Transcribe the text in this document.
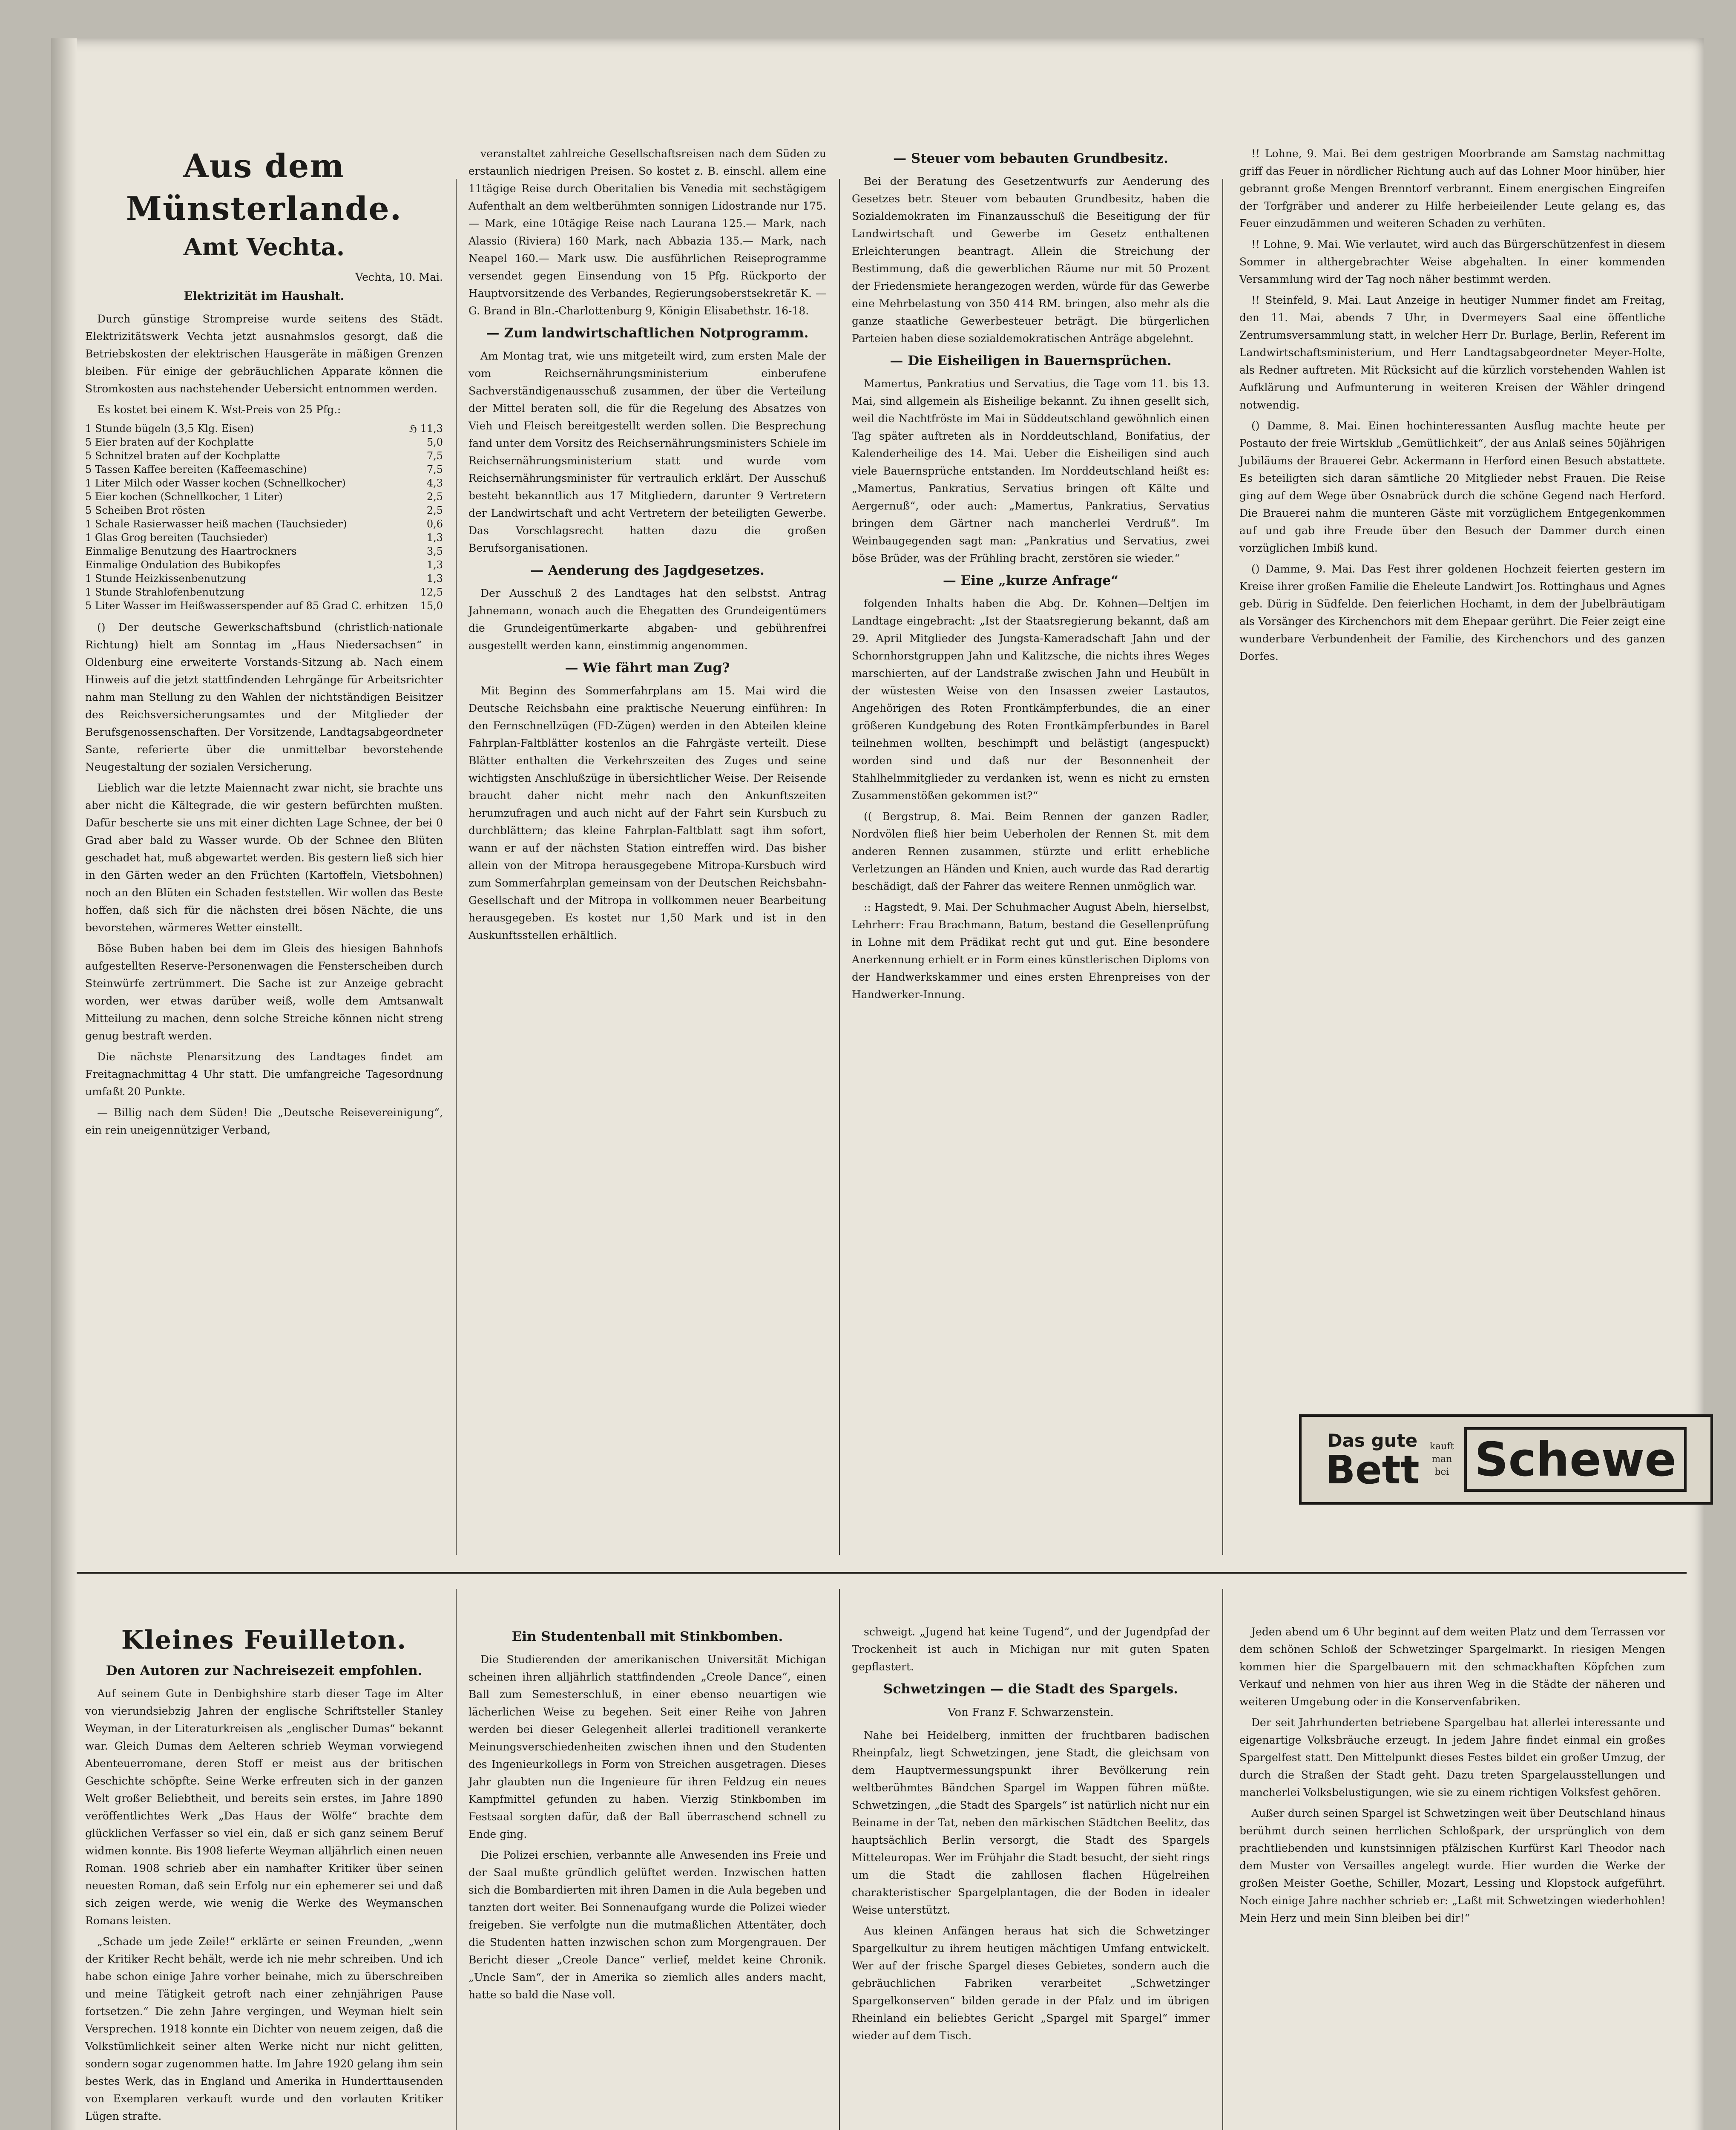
Aus dem Münsterlande.
Amt Vechta.
Vechta, 10. Mai.
Elektrizität im Haushalt.

Durch günstige Strompreise wurde seitens des Städt. Elektrizitätswerk Vechta jetzt ausnahmslos gesorgt, daß die Betriebskosten der elektrischen Hausgeräte in mäßigen Grenzen bleiben. Für einige der gebräuchlichen Apparate können die Stromkosten aus nachstehender Uebersicht entnommen werden.

Es kostet bei einem K. Wst-Preis von 25 Pfg.:

1 Stunde bügeln (3,5 Klg. Eisen)	ℌ 11,3
5 Eier braten auf der Kochplatte	5,0
5 Schnitzel braten auf der Kochplatte	7,5
5 Tassen Kaffee bereiten (Kaffeemaschine)	7,5
1 Liter Milch oder Wasser kochen (Schnellkocher)	4,3
5 Eier kochen (Schnellkocher, 1 Liter)	2,5
5 Scheiben Brot rösten	2,5
1 Schale Rasierwasser heiß machen (Tauchsieder)	0,6
1 Glas Grog bereiten (Tauchsieder)	1,3
Einmalige Benutzung des Haartrockners	3,5
Einmalige Ondulation des Bubikopfes	1,3
1 Stunde Heizkissenbenutzung	1,3
1 Stunde Strahlofenbenutzung	12,5
5 Liter Wasser im Heißwasserspender auf 85 Grad C. erhitzen	15,0

() Der deutsche Gewerkschaftsbund (christlich-nationale Richtung) hielt am Sonntag im „Haus Niedersachsen“ in Oldenburg eine erweiterte Vorstands-Sitzung ab. Nach einem Hinweis auf die jetzt stattfindenden Lehrgänge für Arbeitsrichter nahm man Stellung zu den Wahlen der nichtständigen Beisitzer des Reichsversicherungsamtes und der Mitglieder der Berufsgenossenschaften. Der Vorsitzende, Landtagsabgeordneter Sante, referierte über die unmittelbar bevorstehende Neugestaltung der sozialen Versicherung.

Lieblich war die letzte Maiennacht zwar nicht, sie brachte uns aber nicht die Kältegrade, die wir gestern befürchten mußten. Dafür bescherte sie uns mit einer dichten Lage Schnee, der bei 0 Grad aber bald zu Wasser wurde. Ob der Schnee den Blüten geschadet hat, muß abgewartet werden. Bis gestern ließ sich hier in den Gärten weder an den Früchten (Kartoffeln, Vietsbohnen) noch an den Blüten ein Schaden feststellen. Wir wollen das Beste hoffen, daß sich für die nächsten drei bösen Nächte, die uns bevorstehen, wärmeres Wetter einstellt.

Böse Buben haben bei dem im Gleis des hiesigen Bahnhofs aufgestellten Reserve-Personenwagen die Fensterscheiben durch Steinwürfe zertrümmert. Die Sache ist zur Anzeige gebracht worden, wer etwas darüber weiß, wolle dem Amtsanwalt Mitteilung zu machen, denn solche Streiche können nicht streng genug bestraft werden.

Die nächste Plenarsitzung des Landtages findet am Freitagnachmittag 4 Uhr statt. Die umfangreiche Tagesordnung umfaßt 20 Punkte.

— Billig nach dem Süden! Die „Deutsche Reisevereinigung“, ein rein uneigennütziger Verband,

veranstaltet zahlreiche Gesellschaftsreisen nach dem Süden zu erstaunlich niedrigen Preisen. So kostet z. B. einschl. allem eine 11tägige Reise durch Oberitalien bis Venedia mit sechstägigem Aufenthalt an dem weltberühmten sonnigen Lidostrande nur 175.— Mark, eine 10tägige Reise nach Laurana 125.— Mark, nach Alassio (Riviera) 160 Mark, nach Abbazia 135.— Mark, nach Neapel 160.— Mark usw. Die ausführlichen Reiseprogramme versendet gegen Einsendung von 15 Pfg. Rückporto der Hauptvorsitzende des Verbandes, Regierungsoberstsekretär K. — G. Brand in Bln.-Charlottenburg 9, Königin Elisabethstr. 16-18.

— Zum landwirtschaftlichen Notprogramm.

Am Montag trat, wie uns mitgeteilt wird, zum ersten Male der vom Reichsernährungsministerium einberufene Sachverständigenausschuß zusammen, der über die Verteilung der Mittel beraten soll, die für die Regelung des Absatzes von Vieh und Fleisch bereitgestellt werden sollen. Die Besprechung fand unter dem Vorsitz des Reichsernährungsministers Schiele im Reichsernährungsministerium statt und wurde vom Reichsernährungsminister für vertraulich erklärt. Der Ausschuß besteht bekanntlich aus 17 Mitgliedern, darunter 9 Vertretern der Landwirtschaft und acht Vertretern der beteiligten Gewerbe. Das Vorschlagsrecht hatten dazu die großen Berufsorganisationen.

— Aenderung des Jagdgesetzes.

Der Ausschuß 2 des Landtages hat den selbstst. Antrag Jahnemann, wonach auch die Ehegatten des Grundeigentümers die Grundeigentümerkarte abgaben- und gebührenfrei ausgestellt werden kann, einstimmig angenommen.

— Wie fährt man Zug?

Mit Beginn des Sommerfahrplans am 15. Mai wird die Deutsche Reichsbahn eine praktische Neuerung einführen: In den Fernschnellzügen (FD-Zügen) werden in den Abteilen kleine Fahrplan-Faltblätter kostenlos an die Fahrgäste verteilt. Diese Blätter enthalten die Verkehrszeiten des Zuges und seine wichtigsten Anschlußzüge in übersichtlicher Weise. Der Reisende braucht daher nicht mehr nach den Ankunftszeiten herumzufragen und auch nicht auf der Fahrt sein Kursbuch zu durchblättern; das kleine Fahrplan-Faltblatt sagt ihm sofort, wann er auf der nächsten Station eintreffen wird. Das bisher allein von der Mitropa herausgegebene Mitropa-Kursbuch wird zum Sommerfahrplan gemeinsam von der Deutschen Reichsbahn-Gesellschaft und der Mitropa in vollkommen neuer Bearbeitung herausgegeben. Es kostet nur 1,50 Mark und ist in den Auskunftsstellen erhältlich.

— Steuer vom bebauten Grundbesitz.

Bei der Beratung des Gesetzentwurfs zur Aenderung des Gesetzes betr. Steuer vom bebauten Grundbesitz, haben die Sozialdemokraten im Finanzausschuß die Beseitigung der für Landwirtschaft und Gewerbe im Gesetz enthaltenen Erleichterungen beantragt. Allein die Streichung der Bestimmung, daß die gewerblichen Räume nur mit 50 Prozent der Friedensmiete herangezogen werden, würde für das Gewerbe eine Mehrbelastung von 350 414 RM. bringen, also mehr als die ganze staatliche Gewerbesteuer beträgt. Die bürgerlichen Parteien haben diese sozialdemokratischen Anträge abgelehnt.

— Die Eisheiligen in Bauernsprüchen.

Mamertus, Pankratius und Servatius, die Tage vom 11. bis 13. Mai, sind allgemein als Eisheilige bekannt. Zu ihnen gesellt sich, weil die Nachtfröste im Mai in Süddeutschland gewöhnlich einen Tag später auftreten als in Norddeutschland, Bonifatius, der Kalenderheilige des 14. Mai. Ueber die Eisheiligen sind auch viele Bauernsprüche entstanden. Im Norddeutschland heißt es: „Mamertus, Pankratius, Servatius bringen oft Kälte und Aergernuß“, oder auch: „Mamertus, Pankratius, Servatius bringen dem Gärtner nach mancherlei Verdruß“. Im Weinbaugegenden sagt man: „Pankratius und Servatius, zwei böse Brüder, was der Frühling bracht, zerstören sie wieder.“

— Eine „kurze Anfrage“

folgenden Inhalts haben die Abg. Dr. Kohnen—Deltjen im Landtage eingebracht: „Ist der Staatsregierung bekannt, daß am 29. April Mitglieder des Jungsta-Kameradschaft Jahn und der Schornhorstgruppen Jahn und Kalitzsche, die nichts ihres Weges marschierten, auf der Landstraße zwischen Jahn und Heubült in der wüstesten Weise von den Insassen zweier Lastautos, Angehörigen des Roten Frontkämpferbundes, die an einer größeren Kundgebung des Roten Frontkämpferbundes in Barel teilnehmen wollten, beschimpft und belästigt (angespuckt) worden sind und daß nur der Besonnenheit der Stahlhelmmitglieder zu verdanken ist, wenn es nicht zu ernsten Zusammenstößen gekommen ist?“

(( Bergstrup, 8. Mai. Beim Rennen der ganzen Radler, Nordvölen fließ hier beim Ueberholen der Rennen St. mit dem anderen Rennen zusammen, stürzte und erlitt erhebliche Verletzungen an Händen und Knien, auch wurde das Rad derartig beschädigt, daß der Fahrer das weitere Rennen unmöglich war.

:: Hagstedt, 9. Mai. Der Schuhmacher August Abeln, hierselbst, Lehrherr: Frau Brachmann, Batum, bestand die Gesellenprüfung in Lohne mit dem Prädikat recht gut und gut. Eine besondere Anerkennung erhielt er in Form eines künstlerischen Diploms von der Handwerkskammer und eines ersten Ehrenpreises von der Handwerker-Innung.

!! Lohne, 9. Mai. Bei dem gestrigen Moorbrande am Samstag nachmittag griff das Feuer in nördlicher Richtung auch auf das Lohner Moor hinüber, hier gebrannt große Mengen Brenntorf verbrannt. Einem energischen Eingreifen der Torfgräber und anderer zu Hilfe herbeieilender Leute gelang es, das Feuer einzudämmen und weiteren Schaden zu verhüten.

!! Lohne, 9. Mai. Wie verlautet, wird auch das Bürgerschützenfest in diesem Sommer in althergebrachter Weise abgehalten. In einer kommenden Versammlung wird der Tag noch näher bestimmt werden.

!! Steinfeld, 9. Mai. Laut Anzeige in heutiger Nummer findet am Freitag, den 11. Mai, abends 7 Uhr, in Dvermeyers Saal eine öffentliche Zentrumsversammlung statt, in welcher Herr Dr. Burlage, Berlin, Referent im Landwirtschaftsministerium, und Herr Landtagsabgeordneter Meyer-Holte, als Redner auftreten. Mit Rücksicht auf die kürzlich vorstehenden Wahlen ist Aufklärung und Aufmunterung in weiteren Kreisen der Wähler dringend notwendig.

() Damme, 8. Mai. Einen hochinteressanten Ausflug machte heute per Postauto der freie Wirtsklub „Gemütlichkeit“, der aus Anlaß seines 50jährigen Jubiläums der Brauerei Gebr. Ackermann in Herford einen Besuch abstattete. Es beteiligten sich daran sämtliche 20 Mitglieder nebst Frauen. Die Reise ging auf dem Wege über Osnabrück durch die schöne Gegend nach Herford. Die Brauerei nahm die munteren Gäste mit vorzüglichem Entgegenkommen auf und gab ihre Freude über den Besuch der Dammer durch einen vorzüglichen Imbiß kund.

() Damme, 9. Mai. Das Fest ihrer goldenen Hochzeit feierten gestern im Kreise ihrer großen Familie die Eheleute Landwirt Jos. Rottinghaus und Agnes geb. Dürig in Südfelde. Den feierlichen Hochamt, in dem der Jubelbräutigam als Vorsänger des Kirchenchors mit dem Ehepaar gerührt. Die Feier zeigt eine wunderbare Verbundenheit der Familie, des Kirchenchors und des ganzen Dorfes.

Das gute
Bett
kauft
man
bei Schewe
Kleines Feuilleton.

Den Autoren zur Nachreisezeit empfohlen.

Auf seinem Gute in Denbighshire starb dieser Tage im Alter von vierundsiebzig Jahren der englische Schriftsteller Stanley Weyman, in der Literaturkreisen als „englischer Dumas“ bekannt war. Gleich Dumas dem Aelteren schrieb Weyman vorwiegend Abenteuerromane, deren Stoff er meist aus der britischen Geschichte schöpfte. Seine Werke erfreuten sich in der ganzen Welt großer Beliebtheit, und bereits sein erstes, im Jahre 1890 veröffentlichtes Werk „Das Haus der Wölfe“ brachte dem glücklichen Verfasser so viel ein, daß er sich ganz seinem Beruf widmen konnte. Bis 1908 lieferte Weyman alljährlich einen neuen Roman. 1908 schrieb aber ein namhafter Kritiker über seinen neuesten Roman, daß sein Erfolg nur ein ephemerer sei und daß sich zeigen werde, wie wenig die Werke des Weymanschen Romans leisten.

„Schade um jede Zeile!“ erklärte er seinen Freunden, „wenn der Kritiker Recht behält, werde ich nie mehr schreiben. Und ich habe schon einige Jahre vorher beinahe, mich zu überschreiben und meine Tätigkeit getroft nach einer zehnjährigen Pause fortsetzen.“ Die zehn Jahre vergingen, und Weyman hielt sein Versprechen. 1918 konnte ein Dichter von neuem zeigen, daß die Volkstümlichkeit seiner alten Werke nicht nur nicht gelitten, sondern sogar zugenommen hatte. Im Jahre 1920 gelang ihm sein bestes Werk, das in England und Amerika in Hunderttausenden von Exemplaren verkauft wurde und den vorlauten Kritiker Lügen strafte.

Ein Studentenball mit Stinkbomben.

Die Studierenden der amerikanischen Universität Michigan scheinen ihren alljährlich stattfindenden „Creole Dance“, einen Ball zum Semesterschluß, in einer ebenso neuartigen wie lächerlichen Weise zu begehen. Seit einer Reihe von Jahren werden bei dieser Gelegenheit allerlei traditionell verankerte Meinungsverschiedenheiten zwischen ihnen und den Studenten des Ingenieurkollegs in Form von Streichen ausgetragen. Dieses Jahr glaubten nun die Ingenieure für ihren Feldzug ein neues Kampfmittel gefunden zu haben. Vierzig Stinkbomben im Festsaal sorgten dafür, daß der Ball überraschend schnell zu Ende ging.

Die Polizei erschien, verbannte alle Anwesenden ins Freie und der Saal mußte gründlich gelüftet werden. Inzwischen hatten sich die Bombardierten mit ihren Damen in die Aula begeben und tanzten dort weiter. Bei Sonnenaufgang wurde die Polizei wieder freigeben. Sie verfolgte nun die mutmaßlichen Attentäter, doch die Studenten hatten inzwischen schon zum Morgengrauen. Der Bericht dieser „Creole Dance“ verlief, meldet keine Chronik. „Uncle Sam“, der in Amerika so ziemlich alles anders macht, hatte so bald die Nase voll.

schweigt. „Jugend hat keine Tugend“, und der Jugendpfad der Trockenheit ist auch in Michigan nur mit guten Spaten gepflastert.

Schwetzingen — die Stadt des Spargels.

Von Franz F. Schwarzenstein.

Nahe bei Heidelberg, inmitten der fruchtbaren badischen Rheinpfalz, liegt Schwetzingen, jene Stadt, die gleichsam von dem Hauptvermessungspunkt ihrer Bevölkerung rein weltberühmtes Bändchen Spargel im Wappen führen müßte. Schwetzingen, „die Stadt des Spargels“ ist natürlich nicht nur ein Beiname in der Tat, neben den märkischen Städtchen Beelitz, das hauptsächlich Berlin versorgt, die Stadt des Spargels Mitteleuropas. Wer im Frühjahr die Stadt besucht, der sieht rings um die Stadt die zahllosen flachen Hügelreihen charakteristischer Spargelplantagen, die der Boden in idealer Weise unterstützt.

Aus kleinen Anfängen heraus hat sich die Schwetzinger Spargelkultur zu ihrem heutigen mächtigen Umfang entwickelt. Wer auf der frische Spargel dieses Gebietes, sondern auch die gebräuchlichen Fabriken verarbeitet „Schwetzinger Spargelkonserven“ bilden gerade in der Pfalz und im übrigen Rheinland ein beliebtes Gericht „Spargel mit Spargel“ immer wieder auf dem Tisch.

Jeden abend um 6 Uhr beginnt auf dem weiten Platz und dem Terrassen vor dem schönen Schloß der Schwetzinger Spargelmarkt. In riesigen Mengen kommen hier die Spargelbauern mit den schmackhaften Köpfchen zum Verkauf und nehmen von hier aus ihren Weg in die Städte der näheren und weiteren Umgebung oder in die Konservenfabriken.

Der seit Jahrhunderten betriebene Spargelbau hat allerlei interessante und eigenartige Volksbräuche erzeugt. In jedem Jahre findet einmal ein großes Spargelfest statt. Den Mittelpunkt dieses Festes bildet ein großer Umzug, der durch die Straßen der Stadt geht. Dazu treten Spargelausstellungen und mancherlei Volksbelustigungen, wie sie zu einem richtigen Volksfest gehören.

Außer durch seinen Spargel ist Schwetzingen weit über Deutschland hinaus berühmt durch seinen herrlichen Schloßpark, der ursprünglich von dem prachtliebenden und kunstsinnigen pfälzischen Kurfürst Karl Theodor nach dem Muster von Versailles angelegt wurde. Hier wurden die Werke der großen Meister Goethe, Schiller, Mozart, Lessing und Klopstock aufgeführt. Noch einige Jahre nachher schrieb er: „Laßt mit Schwetzingen wiederhohlen! Mein Herz und mein Sinn bleiben bei dir!“
